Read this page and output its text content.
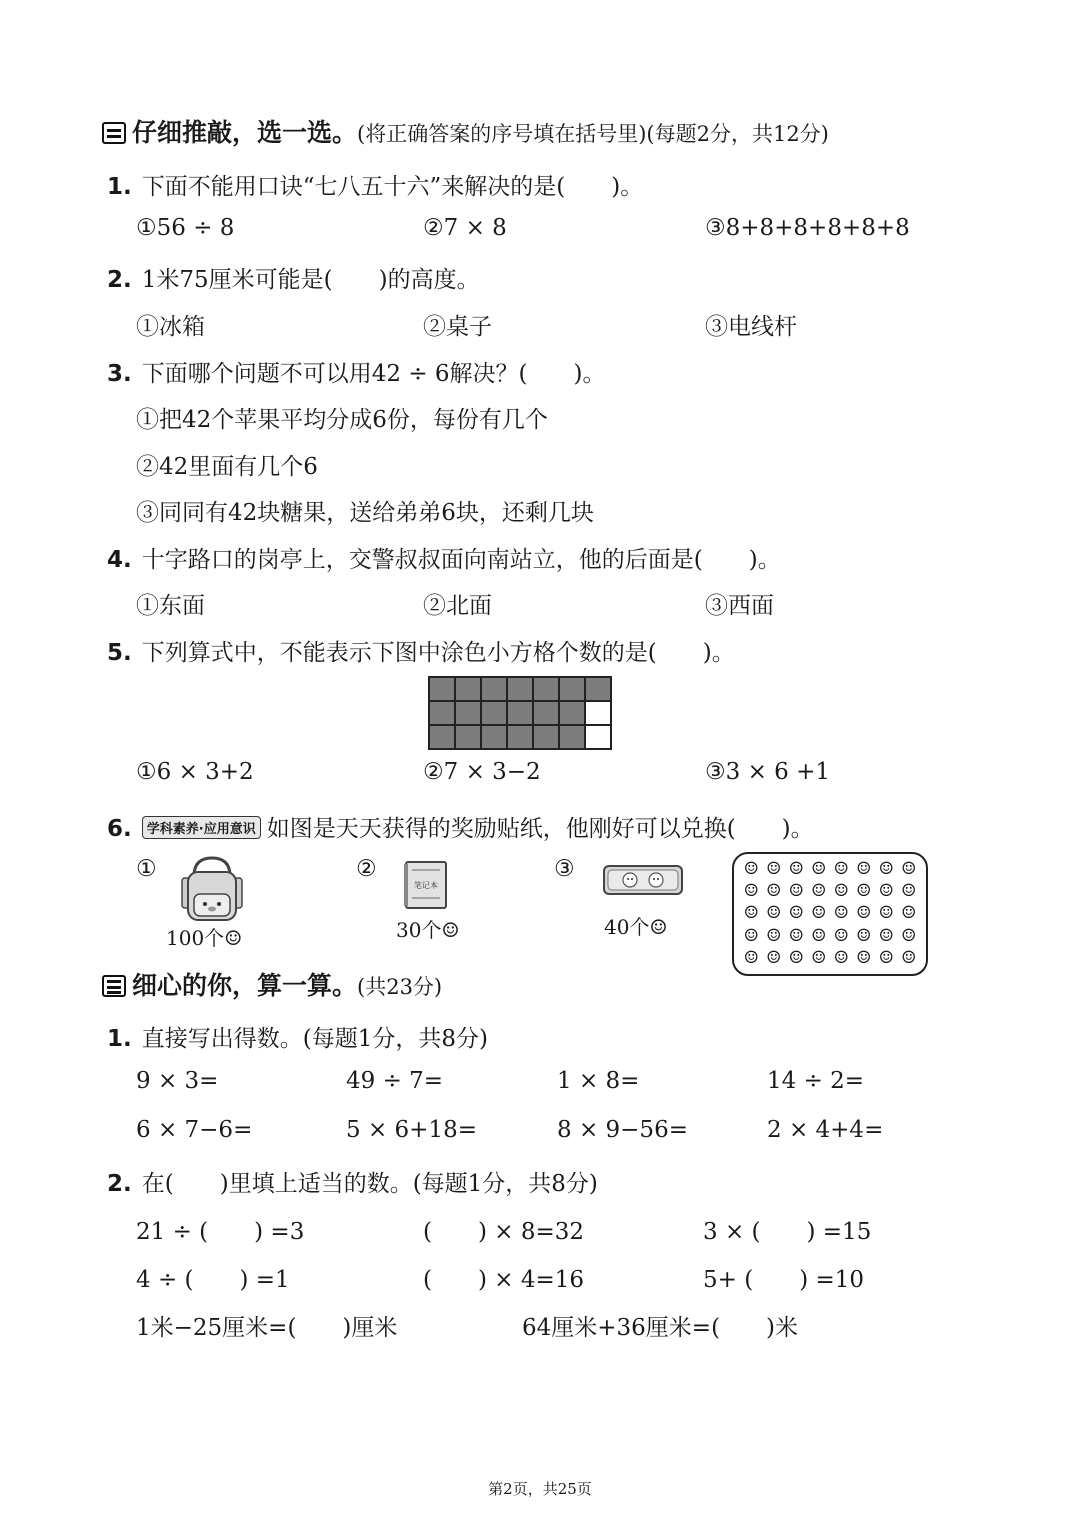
仔细推敲，选一选。(将正确答案的序号填在括号里)(每题2分，共12分)
1. 下面不能用口诀“七八五十六”来解决的是(　　)。
①56 ÷ 8	②7 × 8	③8+8+8+8+8+8
2. 1米75厘米可能是(　　)的高度。
①冰箱	②桌子	③电线杆
3. 下面哪个问题不可以用42 ÷ 6解决？(　　)。
①把42个苹果平均分成6份，每份有几个
②42里面有几个6
③同同有42块糖果，送给弟弟6块，还剩几块
4. 十字路口的岗亭上，交警叔叔面向南站立，他的后面是(　　)。
①东面	②北面	③西面
5. 下列算式中，不能表示下图中涂色小方格个数的是(　　)。
①6 × 3+2	②7 × 3−2	③3 × 6 +1
6. 学科素养·应用意识 如图是天天获得的奖励贴纸，他刚好可以兑换(　　)。
①
100个☺
②
笔记本
30个☺
③
40个☺
☺ ☺ ☺ ☺ ☺ ☺ ☺ ☺
☺ ☺ ☺ ☺ ☺ ☺ ☺ ☺
☺ ☺ ☺ ☺ ☺ ☺ ☺ ☺
☺ ☺ ☺ ☺ ☺ ☺ ☺ ☺
☺ ☺ ☺ ☺ ☺ ☺ ☺ ☺
细心的你，算一算。(共23分)
1. 直接写出得数。(每题1分，共8分)
9 × 3=	49 ÷ 7=	1 × 8=	14 ÷ 2=
6 × 7−6=	5 × 6+18=	8 × 9−56=	2 × 4+4=
2. 在(　　)里填上适当的数。(每题1分，共8分)
21 ÷ (　　) =3	(　　) × 8=32	3 × (　　) =15
4 ÷ (　　) =1	(　　) × 4=16	5+ (　　) =10
1米−25厘米=(　　)厘米	64厘米+36厘米=(　　)米
第2页，共25页
